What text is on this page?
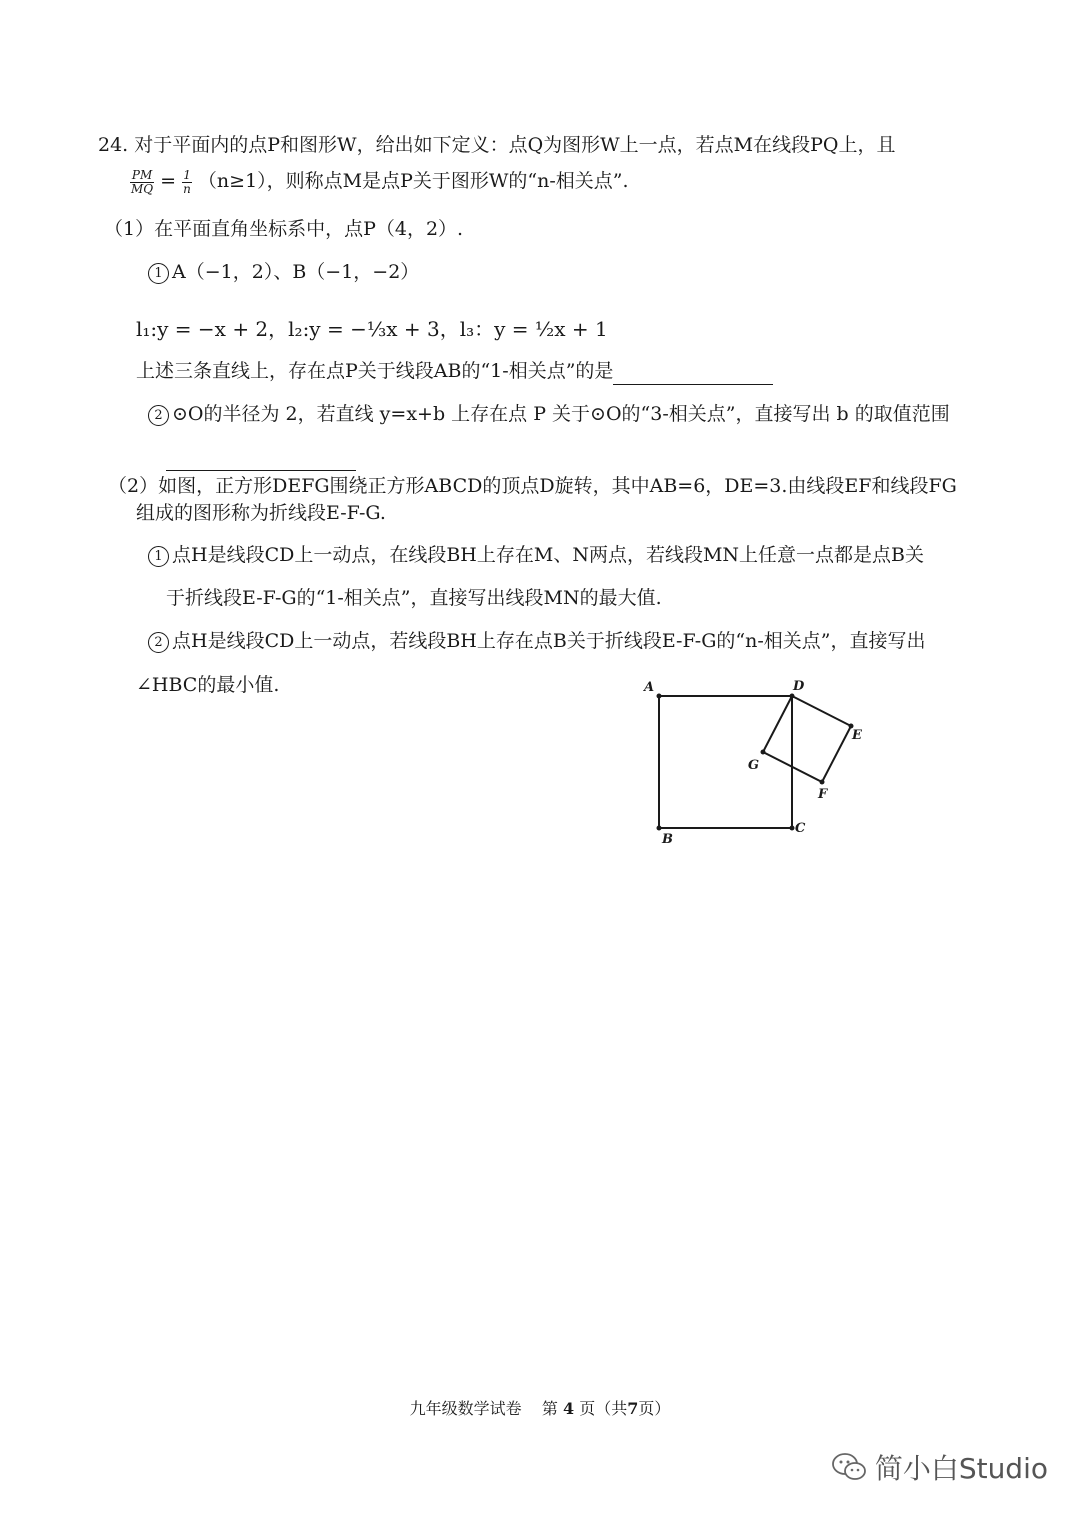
24. 对于平面内的点P和图形W，给出如下定义：点Q为图形W上一点，若点M在线段PQ上，且
$\frac{PM}{MQ} = \frac{1}{n} (n\ge 1)$，则称点M是点P关于图形W的“n-相关点”.
（1）在平面直角坐标系中，点P（4，2）.
1 A（−1，2）、B（−1，−2）
l₁:y = −x + 2，l₂:y = −⅓x + 3，l₃：y = ½x + 1
上述三条直线上，存在点P关于线段AB的“1-相关点”的是
2 ⊙O的半径为 2，若直线 y=x+b 上存在点 P 关于⊙O的“3-相关点”，直接写出 b 的取值范围

（2）如图，正方形DEFG围绕正方形ABCD的顶点D旋转，其中AB=6，DE=3.由线段EF和线段FG
组成的图形称为折线段E-F-G.
1 点H是线段CD上一动点，在线段BH上存在M、N两点，若线段MN上任意一点都是点B关
于折线段E-F-G的“1-相关点”，直接写出线段MN的最大值.
2 点H是线段CD上一动点，若线段BH上存在点B关于折线段E-F-G的“n-相关点”，直接写出
∠HBC的最小值.	A	D
E
G
F
B
C
九年级数学试卷 第 4 页（共7页）
简小白Studio
